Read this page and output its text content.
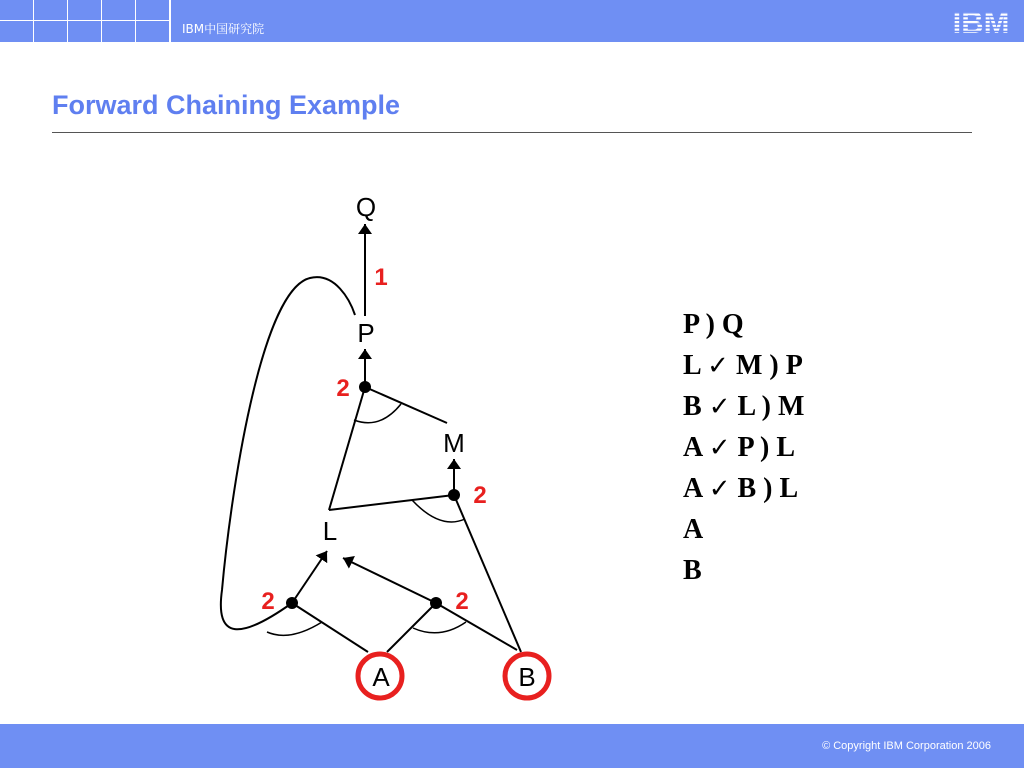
IBM中国研究院	IBM
Forward Chaining Example
Q
P
M
L
A	B
1
2
2
2	2
P ) Q
L ✓ M ) P
B ✓ L ) M
A ✓ P ) L
A ✓ B ) L
A
B
© Copyright IBM Corporation 2006
